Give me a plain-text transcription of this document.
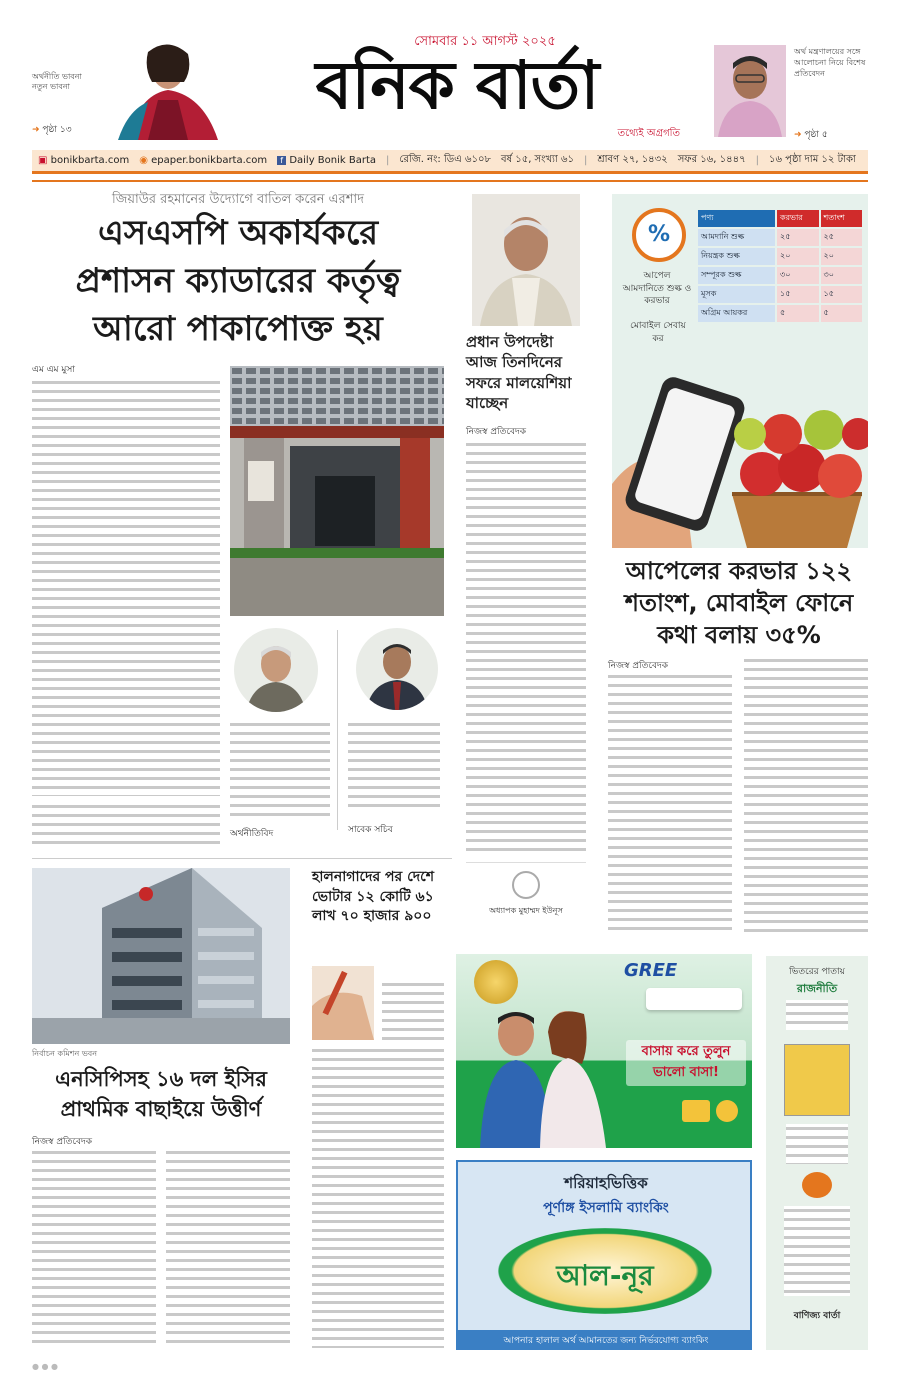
অর্থনীতি ভাবনা নতুন ভাবনা
➜ পৃষ্ঠা ১৩
সোমবার ১১ আগস্ট ২০২৫
বনিক বার্তা
তথ্যেই অগ্রগতি
অর্থ মন্ত্রণালয়ের সঙ্গে আলোচনা নিয়ে বিশেষ প্রতিবেদন
➜ পৃষ্ঠা ৫
▣ bonikbarta.com ◉ epaper.bonikbarta.com	f Daily Bonik Barta | রেজি. নং: ডিএ ৬১০৮ বর্ষ ১৫, সংখ্যা ৬১ | শ্রাবণ ২৭, ১৪৩২ সফর ১৬, ১৪৪৭ | ১৬ পৃষ্ঠা দাম ১২ টাকা
জিয়াউর রহমানের উদ্যোগে বাতিল করেন এরশাদ
এসএসপি অকার্যকরে
প্রশাসন ক্যাডারের কর্তৃত্ব
আরো পাকাপোক্ত হয়
এম এম মুসা
অর্থনীতিবিদ	সাবেক সচিব
প্রধান উপদেষ্টা আজ তিনদিনের সফরে মালয়েশিয়া যাচ্ছেন
নিজস্ব প্রতিবেদক
অধ্যাপক মুহাম্মদ ইউনূস
%
আপেল আমদানিতে শুল্ক ও করভার
পণ্য	করভার	শতাংশ
আমদানি শুল্ক	২৫	২৫
নিয়ন্ত্রক শুল্ক	২০	২০
সম্পূরক শুল্ক	৩০	৩০
মূসক	১৫	১৫
অগ্রিম আয়কর	৫	৫
মোবাইল সেবায় কর
আপেলের করভার ১২২
শতাংশ, মোবাইল ফোনে
কথা বলায় ৩৫%
নিজস্ব প্রতিবেদক
নির্বাচন কমিশন ভবন
এনসিপিসহ ১৬ দল ইসির
প্রাথমিক বাছাইয়ে উত্তীর্ণ
নিজস্ব প্রতিবেদক
হালনাগাদের পর দেশে ভোটার ১২ কোটি ৬১ লাখ ৭০ হাজার ৯০০
GREE
বাসায় করে তুলুন ভালো বাসা!
শরিয়াহভিত্তিক
পূর্ণাঙ্গ ইসলামি ব্যাংকিং
আল-নূর
আপনার হালাল অর্থ আমানতের জন্য নির্ভরযোগ্য ব্যাংকিং
ভিতরের পাতায়
রাজনীতি
বাণিজ্য বার্তা
● ● ●
